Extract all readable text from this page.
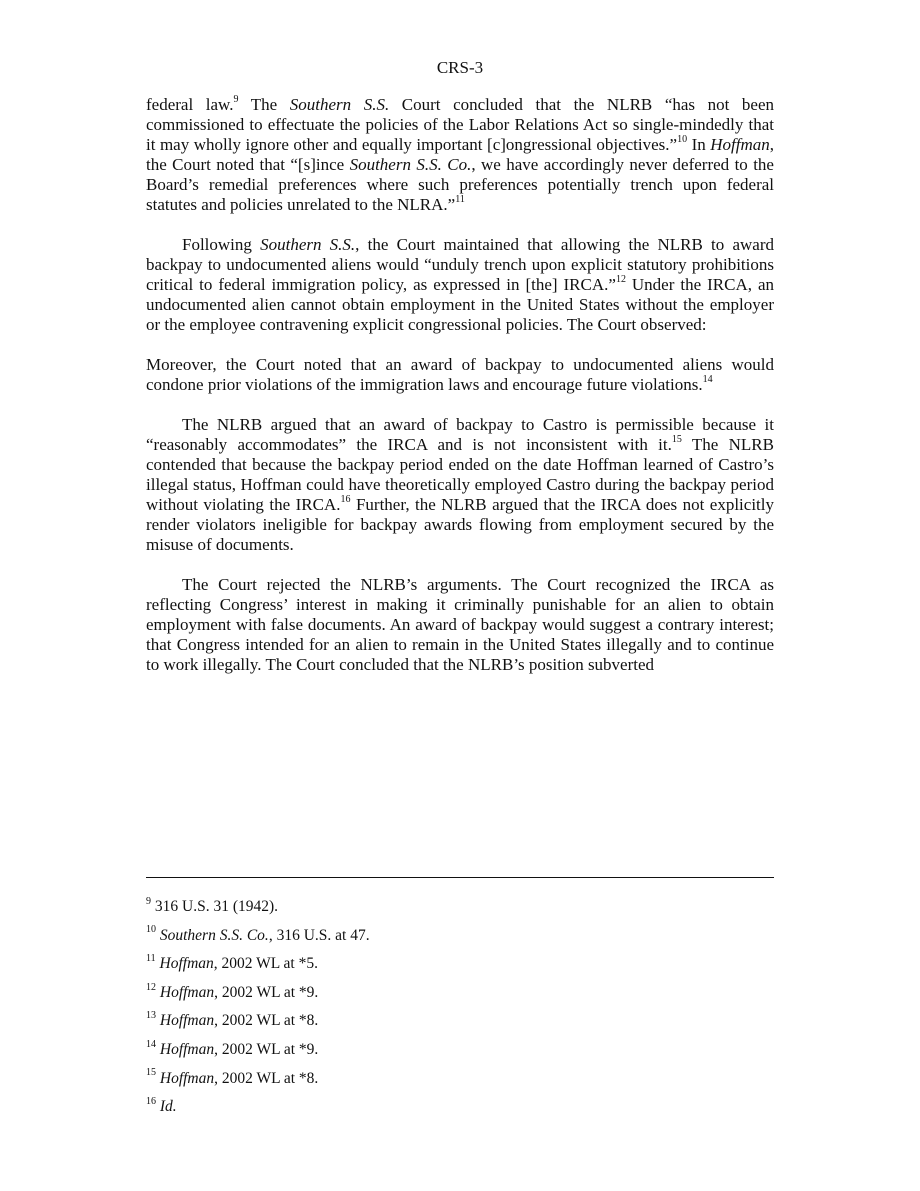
CRS-3

federal law.$^9$ The Southern S.S. Court concluded that the NLRB “has not been commissioned to effectuate the policies of the Labor Relations Act so single-mindedly that it may wholly ignore other and equally important [c]ongressional objectives.”$^{10}$ In Hoffman, the Court noted that “[s]ince Southern S.S. Co., we have accordingly never deferred to the Board’s remedial preferences where such preferences potentially trench upon federal statutes and policies unrelated to the NLRA.”$^{11}$

Following Southern S.S., the Court maintained that allowing the NLRB to award backpay to undocumented aliens would “unduly trench upon explicit statutory prohibitions critical to federal immigration policy, as expressed in [the] IRCA.”$^{12}$ Under the IRCA, an undocumented alien cannot obtain employment in the United States without the employer or the employee contravening explicit congressional policies. The Court observed:

Moreover, the Court noted that an award of backpay to undocumented aliens would condone prior violations of the immigration laws and encourage future violations.$^{14}$

The NLRB argued that an award of backpay to Castro is permissible because it “reasonably accommodates” the IRCA and is not inconsistent with it.$^{15}$ The NLRB contended that because the backpay period ended on the date Hoffman learned of Castro’s illegal status, Hoffman could have theoretically employed Castro during the backpay period without violating the IRCA.$^{16}$ Further, the NLRB argued that the IRCA does not explicitly render violators ineligible for backpay awards flowing from employment secured by the misuse of documents.

The Court rejected the NLRB’s arguments. The Court recognized the IRCA as reflecting Congress’ interest in making it criminally punishable for an alien to obtain employment with false documents. An award of backpay would suggest a contrary interest; that Congress intended for an alien to remain in the United States illegally and to continue to work illegally. The Court concluded that the NLRB’s position subverted

$^9$ 316 U.S. 31 (1942).
$^{10}$ Southern S.S. Co., 316 U.S. at 47.
$^{11}$ Hoffman, 2002 WL at *5.
$^{12}$ Hoffman, 2002 WL at *9.
$^{13}$ Hoffman, 2002 WL at *8.
$^{14}$ Hoffman, 2002 WL at *9.
$^{15}$ Hoffman, 2002 WL at *8.
$^{16}$ Id.
